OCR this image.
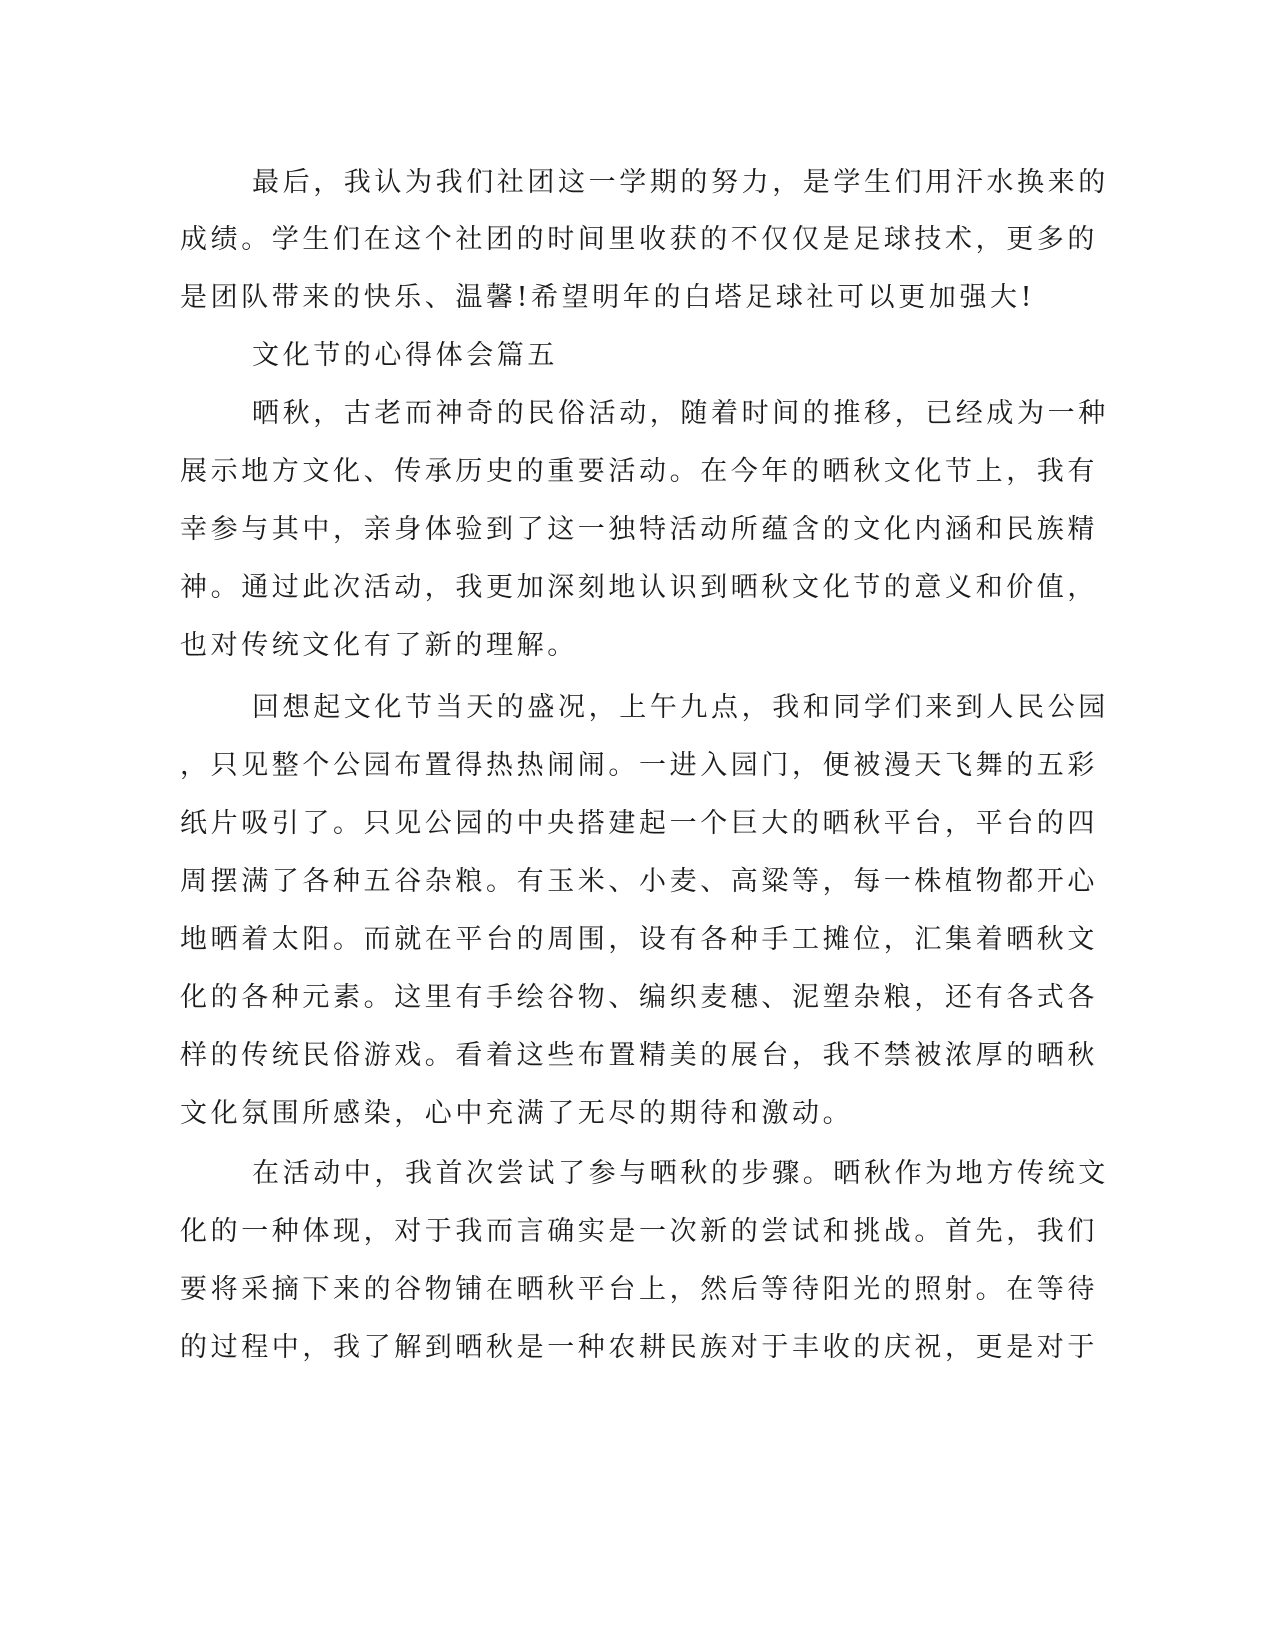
最后，我认为我们社团这一学期的努力，是学生们用汗水换来的
成绩。学生们在这个社团的时间里收获的不仅仅是足球技术，更多的
是团队带来的快乐、温馨!希望明年的白塔足球社可以更加强大!
文化节的心得体会篇五
晒秋，古老而神奇的民俗活动，随着时间的推移，已经成为一种
展示地方文化、传承历史的重要活动。在今年的晒秋文化节上，我有
幸参与其中，亲身体验到了这一独特活动所蕴含的文化内涵和民族精
神。通过此次活动，我更加深刻地认识到晒秋文化节的意义和价值，
也对传统文化有了新的理解。
回想起文化节当天的盛况，上午九点，我和同学们来到人民公园
，只见整个公园布置得热热闹闹。一进入园门，便被漫天飞舞的五彩
纸片吸引了。只见公园的中央搭建起一个巨大的晒秋平台，平台的四
周摆满了各种五谷杂粮。有玉米、小麦、高粱等，每一株植物都开心
地晒着太阳。而就在平台的周围，设有各种手工摊位，汇集着晒秋文
化的各种元素。这里有手绘谷物、编织麦穗、泥塑杂粮，还有各式各
样的传统民俗游戏。看着这些布置精美的展台，我不禁被浓厚的晒秋
文化氛围所感染，心中充满了无尽的期待和激动。
在活动中，我首次尝试了参与晒秋的步骤。晒秋作为地方传统文
化的一种体现，对于我而言确实是一次新的尝试和挑战。首先，我们
要将采摘下来的谷物铺在晒秋平台上，然后等待阳光的照射。在等待
的过程中，我了解到晒秋是一种农耕民族对于丰收的庆祝，更是对于
